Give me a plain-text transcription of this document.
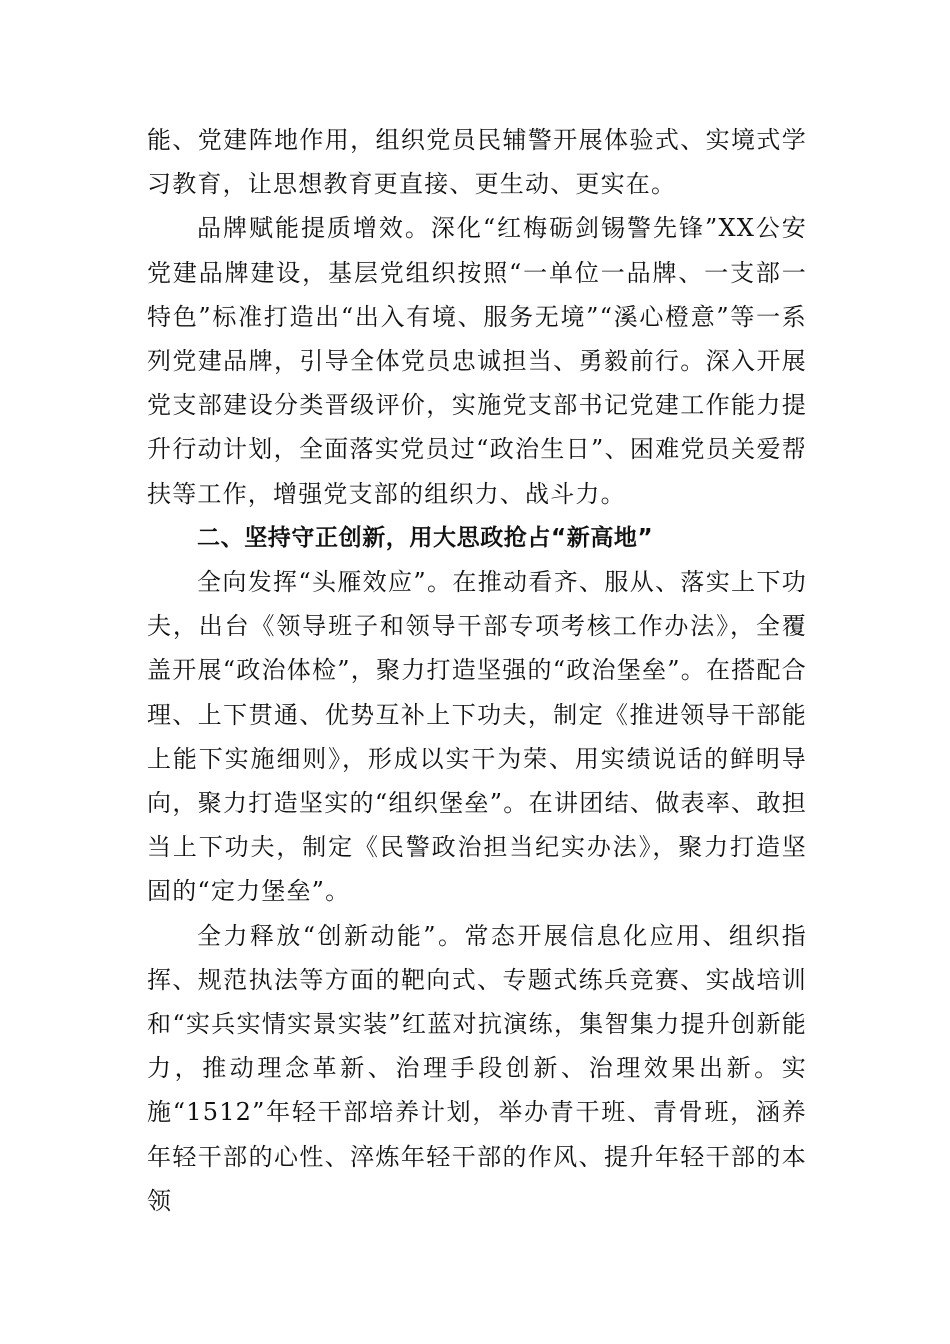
能、党建阵地作用，组织党员民辅警开展体验式、实境式学习教育，让思想教育更直接、更生动、更实在。

品牌赋能提质增效。深化“红梅砺剑锡警先锋”XX公安党建品牌建设，基层党组织按照“一单位一品牌、一支部一特色”标准打造出“出入有境、服务无境”“溪心橙意”等一系列党建品牌，引导全体党员忠诚担当、勇毅前行。深入开展党支部建设分类晋级评价，实施党支部书记党建工作能力提升行动计划，全面落实党员过“政治生日”、困难党员关爱帮扶等工作，增强党支部的组织力、战斗力。

二、坚持守正创新，用大思政抢占“新高地”

全向发挥“头雁效应”。在推动看齐、服从、落实上下功夫，出台《领导班子和领导干部专项考核工作办法》，全覆盖开展“政治体检”，聚力打造坚强的“政治堡垒”。在搭配合理、上下贯通、优势互补上下功夫，制定《推进领导干部能上能下实施细则》，形成以实干为荣、用实绩说话的鲜明导向，聚力打造坚实的“组织堡垒”。在讲团结、做表率、敢担当上下功夫，制定《民警政治担当纪实办法》，聚力打造坚固的“定力堡垒”。

全力释放“创新动能”。常态开展信息化应用、组织指挥、规范执法等方面的靶向式、专题式练兵竞赛、实战培训和“实兵实情实景实装”红蓝对抗演练，集智集力提升创新能力，推动理念革新、治理手段创新、治理效果出新。实施“1512”年轻干部培养计划，举办青干班、青骨班，涵养年轻干部的心性、淬炼年轻干部的作风、提升年轻干部的本领
